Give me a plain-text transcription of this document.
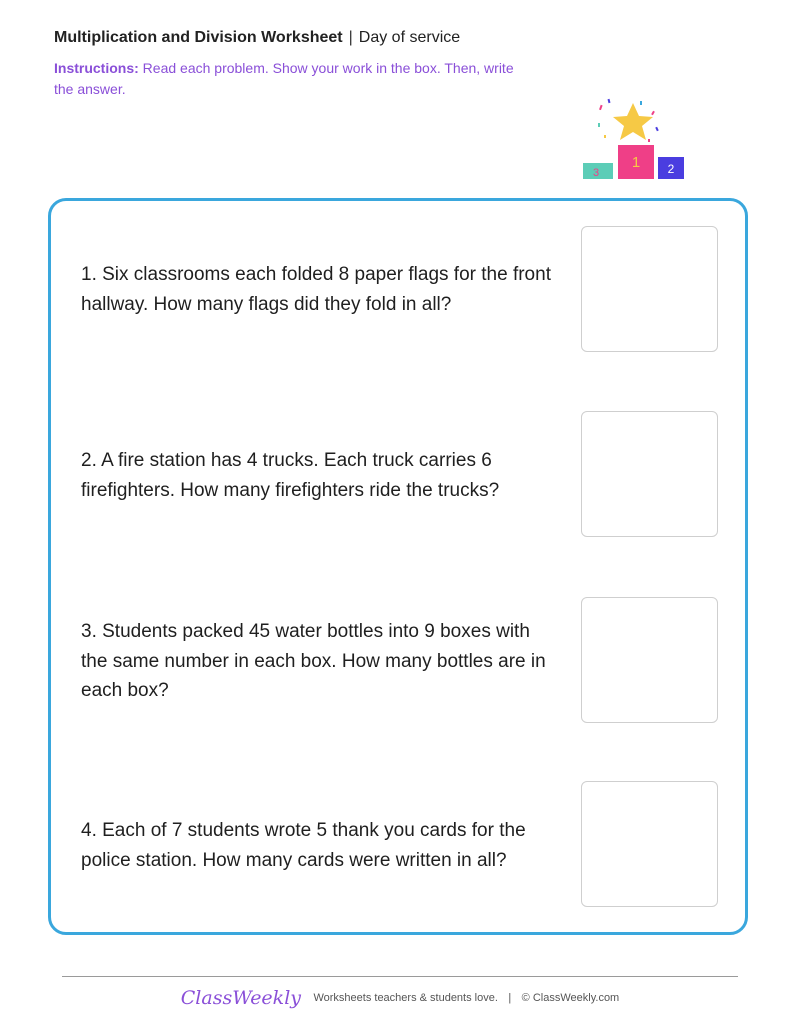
Multiplication and Division Worksheet | Day of service
Instructions: Read each problem. Show your work in the box. Then, write the answer.
1 2
3
1. Six classrooms each folded 8 paper flags for the front hallway. How many flags did they fold in all?
2. A fire station has 4 trucks. Each truck carries 6 firefighters. How many firefighters ride the trucks?
3. Students packed 45 water bottles into 9 boxes with the same number in each box. How many bottles are in each box?
4. Each of 7 students wrote 5 thank you cards for the police station. How many cards were written in all?
ClassWeekly Worksheets teachers & students love. | © ClassWeekly.com
